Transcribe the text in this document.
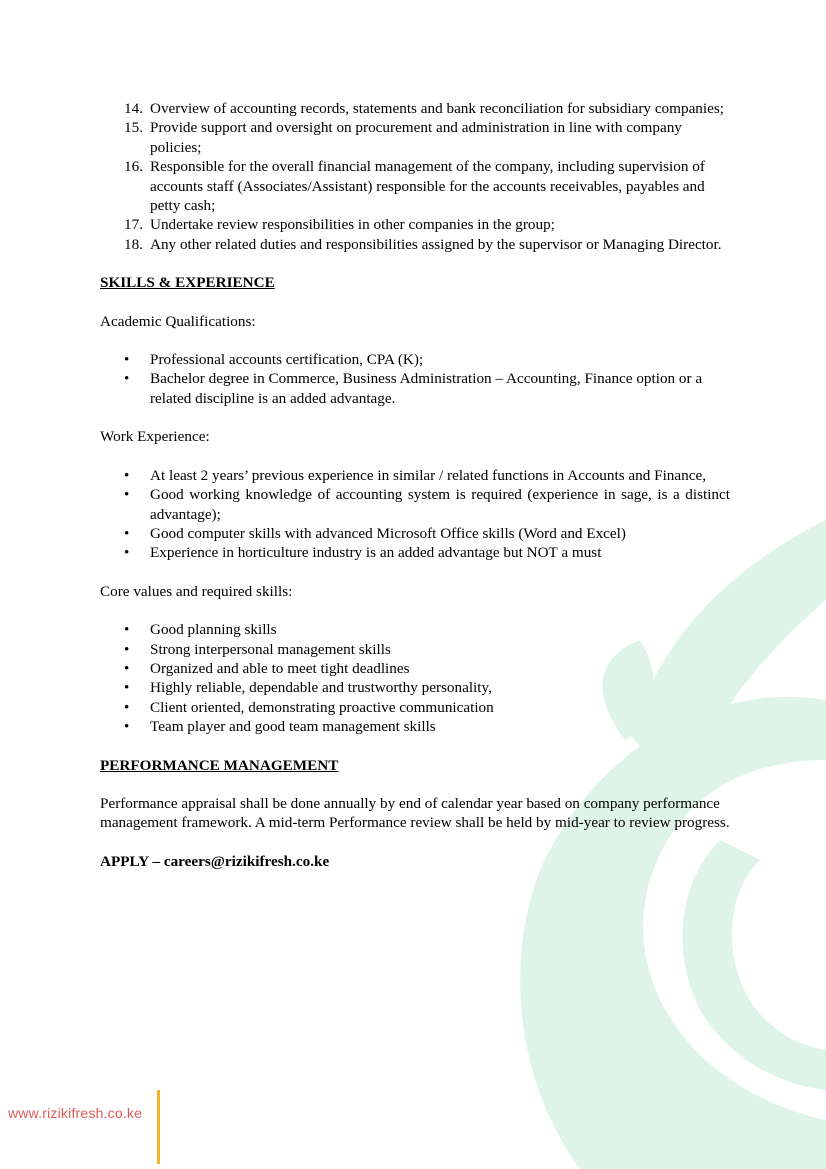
14. Overview of accounting records, statements and bank reconciliation for subsidiary companies;
15. Provide support and oversight on procurement and administration in line with company policies;
16. Responsible for the overall financial management of the company, including supervision of accounts staff (Associates/Assistant) responsible for the accounts receivables, payables and petty cash;
17. Undertake review responsibilities in other companies in the group;
18. Any other related duties and responsibilities assigned by the supervisor or Managing Director.
SKILLS & EXPERIENCE

Academic Qualifications:

• Professional accounts certification, CPA (K);
• Bachelor degree in Commerce, Business Administration – Accounting, Finance option or a related discipline is an added advantage.

Work Experience:

• At least 2 years’ previous experience in similar / related functions in Accounts and Finance,
• Good working knowledge of accounting system is required (experience in sage, is a distinct advantage);
• Good computer skills with advanced Microsoft Office skills (Word and Excel)
• Experience in horticulture industry is an added advantage but NOT a must

Core values and required skills:

• Good planning skills
• Strong interpersonal management skills
• Organized and able to meet tight deadlines
• Highly reliable, dependable and trustworthy personality,
• Client oriented, demonstrating proactive communication
• Team player and good team management skills
PERFORMANCE MANAGEMENT

Performance appraisal shall be done annually by end of calendar year based on company performance management framework. A mid-term Performance review shall be held by mid-year to review progress.

APPLY – careers@rizikifresh.co.ke

www.rizikifresh.co.ke
